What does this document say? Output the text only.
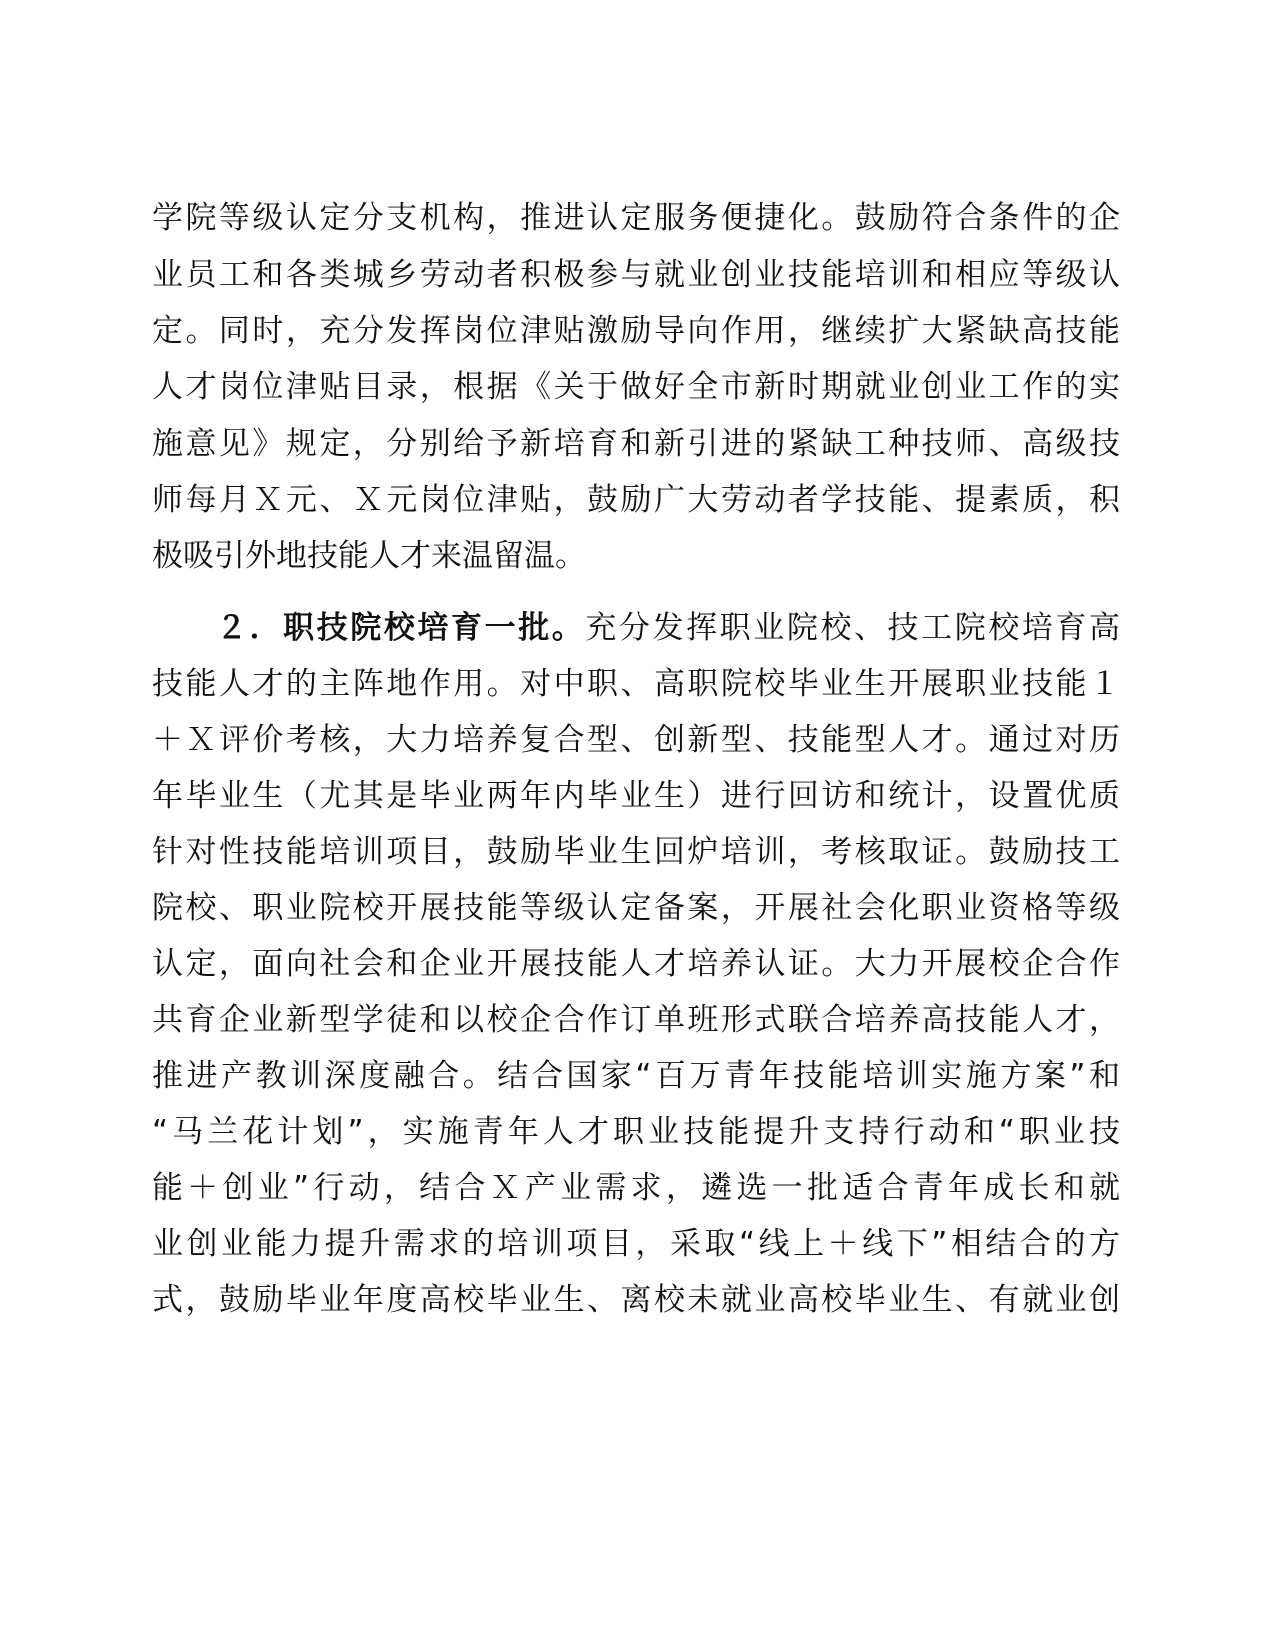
学院等级认定分支机构，推进认定服务便捷化。鼓励符合条件的企
业员工和各类城乡劳动者积极参与就业创业技能培训和相应等级认
定。同时，充分发挥岗位津贴激励导向作用，继续扩大紧缺高技能
人才岗位津贴目录，根据《关于做好全市新时期就业创业工作的实
施意见》规定，分别给予新培育和新引进的紧缺工种技师、高级技
师每月Ｘ元、Ｘ元岗位津贴，鼓励广大劳动者学技能、提素质，积
极吸引外地技能人才来温留温。
２．职技院校培育一批。充分发挥职业院校、技工院校培育高
技能人才的主阵地作用。对中职、高职院校毕业生开展职业技能１
＋Ｘ评价考核，大力培养复合型、创新型、技能型人才。通过对历
年毕业生（尤其是毕业两年内毕业生）进行回访和统计，设置优质
针对性技能培训项目，鼓励毕业生回炉培训，考核取证。鼓励技工
院校、职业院校开展技能等级认定备案，开展社会化职业资格等级
认定，面向社会和企业开展技能人才培养认证。大力开展校企合作
共育企业新型学徒和以校企合作订单班形式联合培养高技能人才，
推进产教训深度融合。结合国家“百万青年技能培训实施方案”和
“马兰花计划”，实施青年人才职业技能提升支持行动和“职业技
能＋创业”行动，结合Ｘ产业需求，遴选一批适合青年成长和就
业创业能力提升需求的培训项目，采取“线上＋线下”相结合的方
式，鼓励毕业年度高校毕业生、离校未就业高校毕业生、有就业创
